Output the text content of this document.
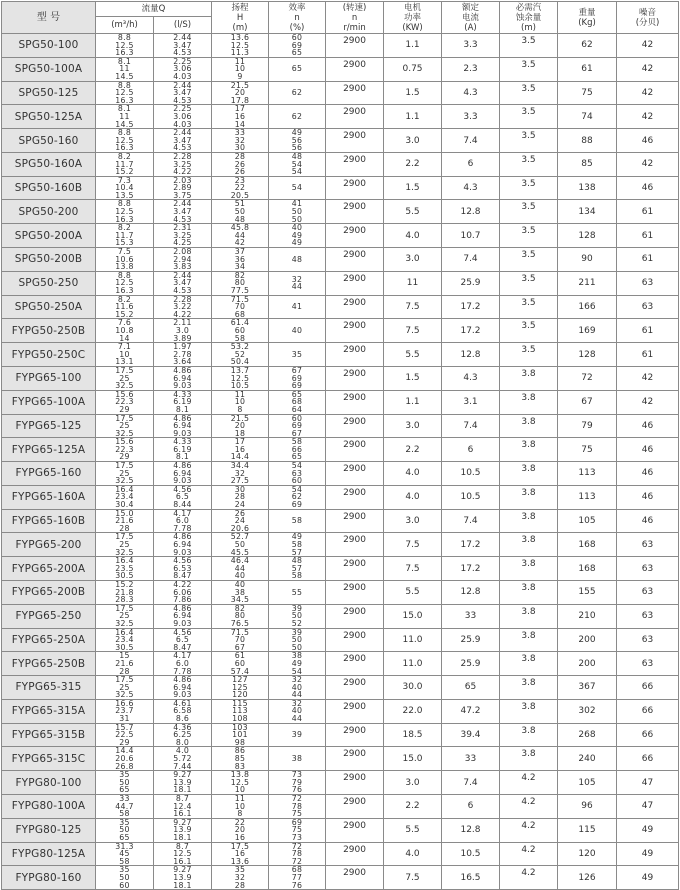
型 号	流量Q		扬程
H
(m)	效率
n
(%)	(转速)
n
r/min	电机
功率
(KW)	额定
电流
(A)	必需汽
蚀余量
(m)	重量
(Kg)	噪音
(分贝)
	(m³/h)	(l/S)								
SPG50-100	8.8
12.5
16.3	2.44
3.47
4.53	13.6
12.5
11.3	60
69
65	2900	1.1	3.3	3.5	62	42
SPG50-100A	8.1
11
14.5	2.25
3.06
4.03	11
10
9	65	2900	0.75	2.3	3.5	61	42
SPG50-125	8.8
12.5
16.3	2.44
3.47
4.53	21.5
20
17.8	62	2900	1.5	4.3	3.5	75	42
SPG50-125A	8.1
11
14.5	2.25
3.06
4.03	17
16
14	62	2900	1.1	3.3	3.5	74	42
SPG50-160	8.8
12.5
16.3	2.44
3.47
4.53	33
32
30	49
56
56	2900	3.0	7.4	3.5	88	46
SPG50-160A	8.2
11.7
15.2	2.28
3.25
4.22	28
26
26	48
54
54	2900	2.2	6	3.5	85	42
SPG50-160B	7.3
10.4
13.5	2.03
2.89
3.75	23
22
20.5	54	2900	1.5	4.3	3.5	138	46
SPG50-200	8.8
12.5
16.3	2.44
3.47
4.53	51
50
48	41
50
50	2900	5.5	12.8	3.5	134	61
SPG50-200A	8.2
11.7
15.3	2.31
3.25
4.25	45.8
44
42	40
49
49	2900	4.0	10.7	3.5	128	61
SPG50-200B	7.5
10.6
13.8	2.08
2.94
3.83	37
36
34	48	2900	3.0	7.4	3.5	90	61
SPG50-250	8.8
12.5
16.3	2.44
3.47
4.53	82
80
77.5	32
44	2900	11	25.9	3.5	211	63
SPG50-250A	8.2
11.6
15.2	2.28
3.22
4.22	71.5
70
68	41	2900	7.5	17.2	3.5	166	63
FYPG50-250B	7.6
10.8
14	2.11
3.0
3.89	61.4
60
58	40	2900	7.5	17.2	3.5	169	61
FYPG50-250C	7.1
10
13.1	1.97
2.78
3.64	53.2
52
50.4	35	2900	5.5	12.8	3.5	128	61
FYPG65-100	17.5
25
32.5	4.86
6.94
9.03	13.7
12.5
10.5	67
69
69	2900	1.5	4.3	3.8	72	42
FYPG65-100A	15.6
22.3
29	4.33
6.19
8.1	11
10
8	65
68
64	2900	1.1	3.1	3.8	67	42
FYPG65-125	17.5
25
32.5	4.86
6.94
9.03	21.5
20
18	60
69
67	2900	3.0	7.4	3.8	79	46
FYPG65-125A	15.6
22.3
29	4.33
6.19
8.1	17
16
14.4	58
66
65	2900	2.2	6	3.8	75	46
FYPG65-160	17.5
25
32.5	4.86
6.94
9.03	34.4
32
27.5	54
63
60	2900	4.0	10.5	3.8	113	46
FYPG65-160A	16.4
23.4
30.4	4.56
6.5
8.44	30
28
24	54
62
69	2900	4.0	10.5	3.8	113	46
FYPG65-160B	15.0
21.6
28	4.17
6.0
7.78	26
24
20.6	58	2900	3.0	7.4	3.8	105	46
FYPG65-200	17.5
25
32.5	4.86
6.94
9.03	52.7
50
45.5	49
58
57	2900	7.5	17.2	3.8	168	63
FYPG65-200A	16.4
23.5
30.5	4.56
6.53
8.47	46.4
44
40	48
57
58	2900	7.5	17.2	3.8	168	63
FYPG65-200B	15.2
21.8
28.3	4.22
6.06
7.86	40
38
34.5	55	2900	5.5	12.8	3.8	155	63
FYPG65-250	17.5
25
32.5	4.86
6.94
9.03	82
80
76.5	39
50
52	2900	15.0	33	3.8	210	63
FYPG65-250A	16.4
23.4
30.5	4.56
6.5
8.47	71.5
70
67	39
50
50	2900	11.0	25.9	3.8	200	63
FYPG65-250B	15
21.6
28	4.17
6.0
7.78	61
60
57.4	38
49
54	2900	11.0	25.9	3.8	200	63
FYPG65-315	17.5
25
32.5	4.86
6.94
9.03	127
125
120	32
40
44	2900	30.0	65	3.8	367	66
FYPG65-315A	16.6
23.7
31	4.61
6.58
8.6	115
113
108	32
40
44	2900	22.0	47.2	3.8	302	66
FYPG65-315B	15.7
22.5
29	4.36
6.25
8.0	103
101
98	39	2900	18.5	39.4	3.8	268	66
FYPG65-315C	14.4
20.6
26.8	4.0
5.72
7.44	86
85
83	38	2900	15.0	33	3.8	240	66
FYPG80-100	35
50
65	9.27
13.9
18.1	13.8
12.5
10	73
79
76	2900	3.0	7.4	4.2	105	47
FYPG80-100A	33
44.7
58	8.7
12.4
16.1	11
10
8	72
78
75	2900	2.2	6	4.2	96	47
FYPG80-125	35
50
65	9.27
13.9
18.1	22
20
16	69
75
73	2900	5.5	12.8	4.2	115	49
FYPG80-125A	31.3
45
58	8.7
12.5
16.1	17.5
16
13.6	72
78
72	2900	4.0	10.5	4.2	120	49
FYPG80-160	35
50
60	9.27
13.9
18.1	35
32
28	68
77
76	2900	7.5	16.5	4.2	126	49
